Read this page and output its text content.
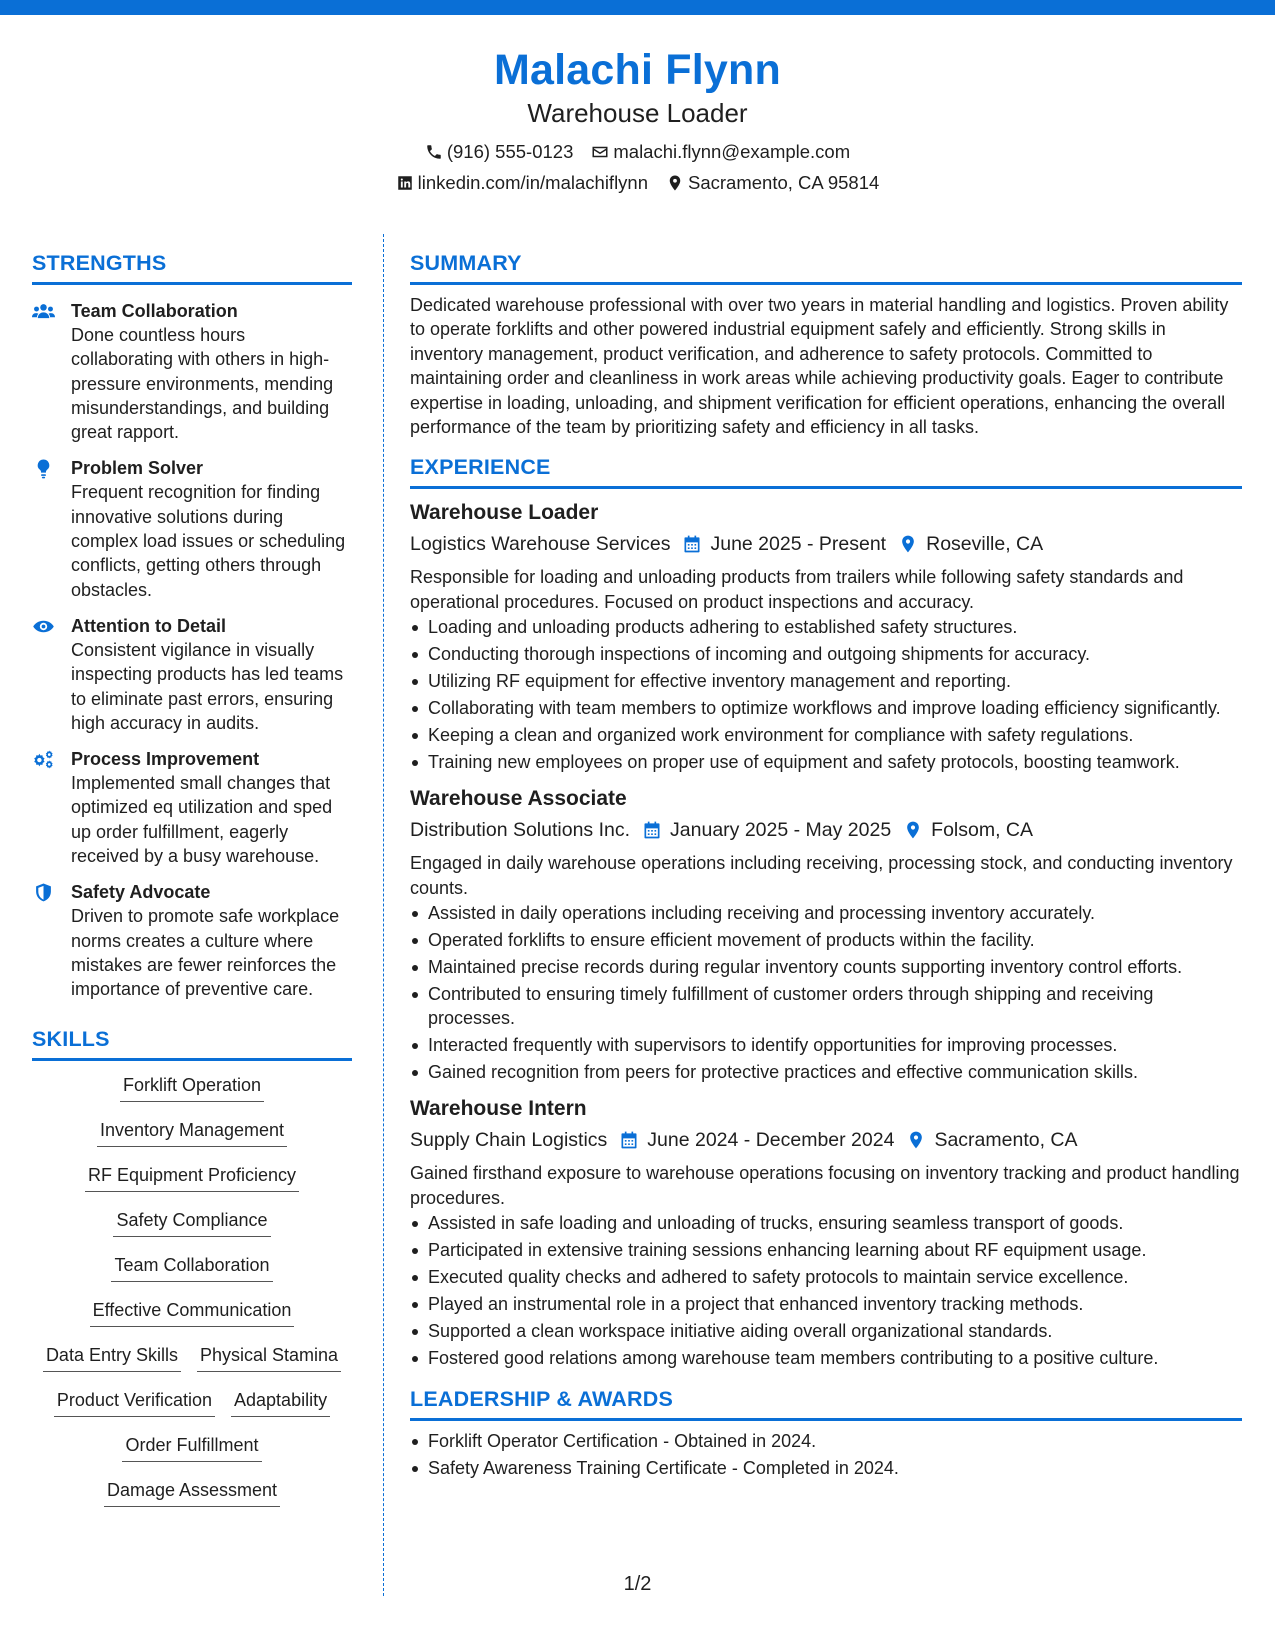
Malachi Flynn
Warehouse Loader
(916) 555-0123 malachi.flynn@example.com
linkedin.com/in/malachiflynn Sacramento, CA 95814
STRENGTHS
Team Collaboration
Done countless hours collaborating with others in high-pressure environments, mending misunderstandings, and building great rapport.
Problem Solver
Frequent recognition for finding innovative solutions during complex load issues or scheduling conflicts, getting others through obstacles.
Attention to Detail
Consistent vigilance in visually inspecting products has led teams to eliminate past errors, ensuring high accuracy in audits.
Process Improvement
Implemented small changes that optimized eq utilization and sped up order fulfillment, eagerly received by a busy warehouse.
Safety Advocate
Driven to promote safe workplace norms creates a culture where mistakes are fewer reinforces the importance of preventive care.
SKILLS
Forklift Operation
Inventory Management
RF Equipment Proficiency
Safety Compliance
Team Collaboration
Effective Communication
Data Entry Skills Physical Stamina
Product Verification Adaptability
Order Fulfillment
Damage Assessment
SUMMARY
Dedicated warehouse professional with over two years in material handling and logistics. Proven ability to operate forklifts and other powered industrial equipment safely and efficiently. Strong skills in inventory management, product verification, and adherence to safety protocols. Committed to maintaining order and cleanliness in work areas while achieving productivity goals. Eager to contribute expertise in loading, unloading, and shipment verification for efficient operations, enhancing the overall performance of the team by prioritizing safety and efficiency in all tasks.
EXPERIENCE
Warehouse Loader
Logistics Warehouse Services June 2025 - Present Roseville, CA
Responsible for loading and unloading products from trailers while following safety standards and operational procedures. Focused on product inspections and accuracy.
Loading and unloading products adhering to established safety structures.
Conducting thorough inspections of incoming and outgoing shipments for accuracy.
Utilizing RF equipment for effective inventory management and reporting.
Collaborating with team members to optimize workflows and improve loading efficiency significantly.
Keeping a clean and organized work environment for compliance with safety regulations.
Training new employees on proper use of equipment and safety protocols, boosting teamwork.
Warehouse Associate
Distribution Solutions Inc. January 2025 - May 2025 Folsom, CA
Engaged in daily warehouse operations including receiving, processing stock, and conducting inventory counts.
Assisted in daily operations including receiving and processing inventory accurately.
Operated forklifts to ensure efficient movement of products within the facility.
Maintained precise records during regular inventory counts supporting inventory control efforts.
Contributed to ensuring timely fulfillment of customer orders through shipping and receiving processes.
Interacted frequently with supervisors to identify opportunities for improving processes.
Gained recognition from peers for protective practices and effective communication skills.
Warehouse Intern
Supply Chain Logistics June 2024 - December 2024 Sacramento, CA
Gained firsthand exposure to warehouse operations focusing on inventory tracking and product handling procedures.
Assisted in safe loading and unloading of trucks, ensuring seamless transport of goods.
Participated in extensive training sessions enhancing learning about RF equipment usage.
Executed quality checks and adhered to safety protocols to maintain service excellence.
Played an instrumental role in a project that enhanced inventory tracking methods.
Supported a clean workspace initiative aiding overall organizational standards.
Fostered good relations among warehouse team members contributing to a positive culture.
LEADERSHIP & AWARDS
Forklift Operator Certification - Obtained in 2024.
Safety Awareness Training Certificate - Completed in 2024.
1/2
